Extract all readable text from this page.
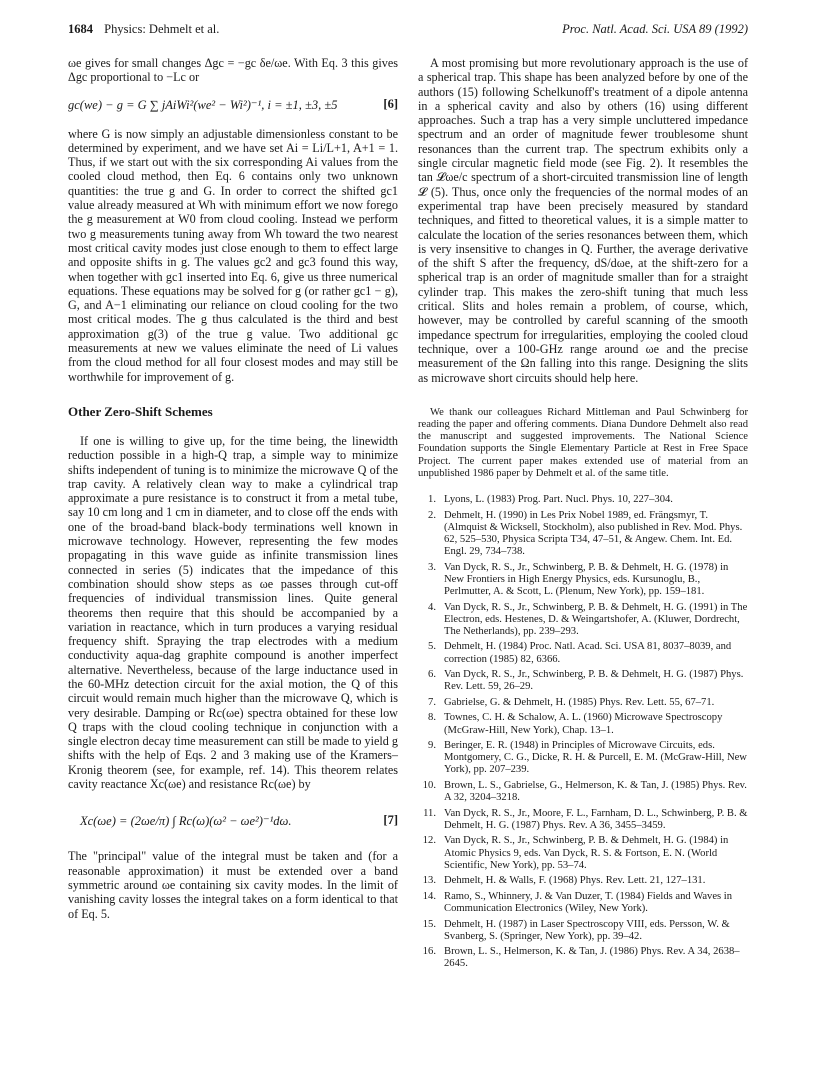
1684 Physics: Dehmelt et al.	Proc. Natl. Acad. Sci. USA 89 (1992)

ωe gives for small changes Δgc = −gc δe/ωe. With Eq. 3 this gives Δgc proportional to −Lc or

gc(we) − g = G ∑ jAiWi²(we² − Wi²)⁻¹, i = ±1, ±3, ±5	[6]

where G is now simply an adjustable dimensionless constant to be determined by experiment, and we have set Ai = Li/L+1, A+1 = 1. Thus, if we start out with the six corresponding Ai values from the cooled cloud method, then Eq. 6 contains only two unknown quantities: the true g and G. In order to correct the shifted gc1 value already measured at Wh with minimum effort we now forego the g measurement at W0 from cloud cooling. Instead we perform two g measurements tuning away from Wh toward the two nearest most critical cavity modes just close enough to them to effect large and opposite shifts in g. The values gc2 and gc3 found this way, when together with gc1 inserted into Eq. 6, give us three numerical equations. These equations may be solved for g (or rather gc1 − g), G, and A−1 eliminating our reliance on cloud cooling for the two most critical modes. The g thus calculated is the third and best approximation g(3) of the true g value. Two additional gc measurements at new we values eliminate the need of Li values from the cloud method for all four closest modes and may still be worthwhile for improvement of g.

Other Zero-Shift Schemes

If one is willing to give up, for the time being, the linewidth reduction possible in a high-Q trap, a simple way to minimize shifts independent of tuning is to minimize the microwave Q of the trap cavity. A relatively clean way to make a cylindrical trap approximate a pure resistance is to construct it from a metal tube, say 10 cm long and 1 cm in diameter, and to close off the ends with one of the broad-band black-body terminations well known in microwave technology. However, representing the few modes propagating in this wave guide as infinite transmission lines connected in series (5) indicates that the impedance of this combination should show steps as ωe passes through cut-off frequencies of individual transmission lines. Quite general theorems then require that this should be accompanied by a variation in reactance, which in turn produces a varying residual frequency shift. Spraying the trap electrodes with a medium conductivity aqua-dag graphite compound is another imperfect alternative. Nevertheless, because of the large inductance used in the 60-MHz detection circuit for the axial motion, the Q of this circuit would remain much higher than the microwave Q, which is very desirable. Damping or Rc(ωe) spectra obtained for these low Q traps with the cloud cooling technique in conjunction with a single electron decay time measurement can still be made to yield g shifts with the help of Eqs. 2 and 3 making use of the Kramers–Kronig theorem (see, for example, ref. 14). This theorem relates cavity reactance Xc(ωe) and resistance Rc(ωe) by

Xc(ωe) = (2ωe/π) ∫ Rc(ω)(ω² − ωe²)⁻¹dω.	[7]

The "principal" value of the integral must be taken and (for a reasonable approximation) it must be extended over a band symmetric around ωe containing six cavity modes. In the limit of vanishing cavity losses the integral takes on a form identical to that of Eq. 5.

A most promising but more revolutionary approach is the use of a spherical trap. This shape has been analyzed before by one of the authors (15) following Schelkunoff's treatment of a dipole antenna in a spherical cavity and also by others (16) using different approaches. Such a trap has a very simple uncluttered impedance spectrum and an order of magnitude fewer troublesome shunt resonances than the current trap. The spectrum exhibits only a single circular magnetic field mode (see Fig. 2). It resembles the tan 𝓛ωe/c spectrum of a short-circuited transmission line of length 𝓛 (5). Thus, once only the frequencies of the normal modes of an experimental trap have been precisely measured by standard techniques, and fitted to theoretical values, it is a simple matter to calculate the location of the series resonances between them, which is very insensitive to changes in Q. Further, the average derivative of the shift S after the frequency, dS/dωe, at the shift-zero for a spherical trap is an order of magnitude smaller than for a straight cylinder trap. This makes the zero-shift tuning that much less critical. Slits and holes remain a problem, of course, which, however, may be controlled by careful scanning of the smooth impedance spectrum for irregularities, employing the cooled cloud technique, over a 100-GHz range around ωe and the precise measurement of the Ωn falling into this range. Designing the slits as microwave short circuits should help here.

We thank our colleagues Richard Mittleman and Paul Schwinberg for reading the paper and offering comments. Diana Dundore Dehmelt also read the manuscript and suggested improvements. The National Science Foundation supports the Single Elementary Particle at Rest in Free Space Project. The current paper makes extended use of material from an unpublished 1986 paper by Dehmelt et al. of the same title.
1. Lyons, L. (1983) Prog. Part. Nucl. Phys. 10, 227–304.
2. Dehmelt, H. (1990) in Les Prix Nobel 1989, ed. Frängsmyr, T. (Almquist & Wicksell, Stockholm), also published in Rev. Mod. Phys. 62, 525–530, Physica Scripta T34, 47–51, & Angew. Chem. Int. Ed. Engl. 29, 734–738.
3. Van Dyck, R. S., Jr., Schwinberg, P. B. & Dehmelt, H. G. (1978) in New Frontiers in High Energy Physics, eds. Kursunoglu, B., Perlmutter, A. & Scott, L. (Plenum, New York), pp. 159–181.
4. Van Dyck, R. S., Jr., Schwinberg, P. B. & Dehmelt, H. G. (1991) in The Electron, eds. Hestenes, D. & Weingartshofer, A. (Kluwer, Dordrecht, The Netherlands), pp. 239–293.
5. Dehmelt, H. (1984) Proc. Natl. Acad. Sci. USA 81, 8037–8039, and correction (1985) 82, 6366.
6. Van Dyck, R. S., Jr., Schwinberg, P. B. & Dehmelt, H. G. (1987) Phys. Rev. Lett. 59, 26–29.
7. Gabrielse, G. & Dehmelt, H. (1985) Phys. Rev. Lett. 55, 67–71.
8. Townes, C. H. & Schalow, A. L. (1960) Microwave Spectroscopy (McGraw-Hill, New York), Chap. 13–1.
9. Beringer, E. R. (1948) in Principles of Microwave Circuits, eds. Montgomery, C. G., Dicke, R. H. & Purcell, E. M. (McGraw-Hill, New York), pp. 207–239.
10. Brown, L. S., Gabrielse, G., Helmerson, K. & Tan, J. (1985) Phys. Rev. A 32, 3204–3218.
11. Van Dyck, R. S., Jr., Moore, F. L., Farnham, D. L., Schwinberg, P. B. & Dehmelt, H. G. (1987) Phys. Rev. A 36, 3455–3459.
12. Van Dyck, R. S., Jr., Schwinberg, P. B. & Dehmelt, H. G. (1984) in Atomic Physics 9, eds. Van Dyck, R. S. & Fortson, E. N. (World Scientific, New York), pp. 53–74.
13. Dehmelt, H. & Walls, F. (1968) Phys. Rev. Lett. 21, 127–131.
14. Ramo, S., Whinnery, J. & Van Duzer, T. (1984) Fields and Waves in Communication Electronics (Wiley, New York).
15. Dehmelt, H. (1987) in Laser Spectroscopy VIII, eds. Persson, W. & Svanberg, S. (Springer, New York), pp. 39–42.
16. Brown, L. S., Helmerson, K. & Tan, J. (1986) Phys. Rev. A 34, 2638–2645.
